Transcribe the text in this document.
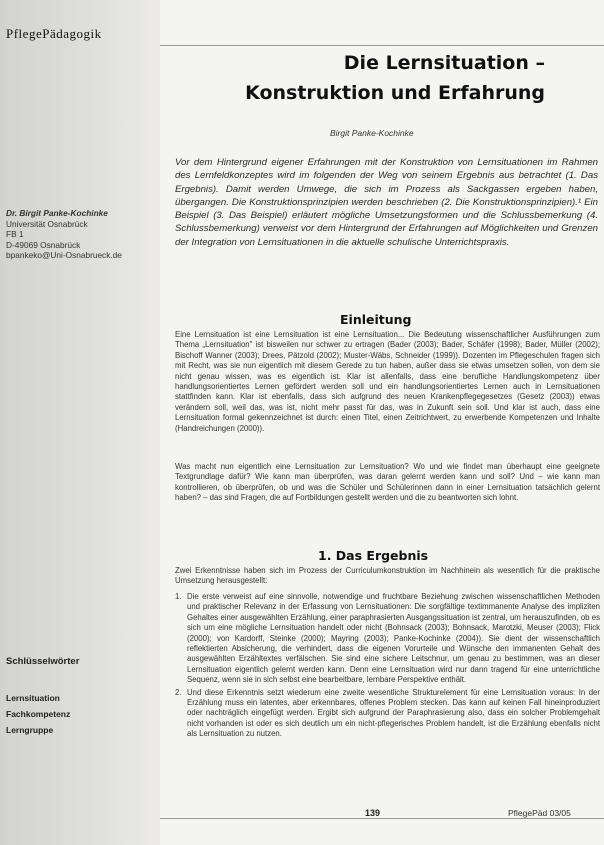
PflegePädagogik
Die Lernsituation –
Konstruktion und Erfahrung
Birgit Panke-Kochinke
Vor dem Hintergrund eigener Erfahrungen mit der Konstruktion von Lernsituationen im Rahmen des Lernfeldkonzeptes wird im folgenden der Weg von seinem Ergebnis aus betrachtet (1. Das Ergebnis). Damit werden Umwege, die sich im Prozess als Sackgassen ergeben haben, übergangen. Die Konstruktionsprinzipien werden beschrieben (2. Die Konstruktionsprinzipien).¹ Ein Beispiel (3. Das Beispiel) erläutert mögliche Umsetzungsformen und die Schlussbemerkung (4. Schlussbemerkung) verweist vor dem Hintergrund der Erfahrungen auf Möglichkeiten und Grenzen der Integration von Lernsituationen in die aktuelle schulische Unterrichtspraxis.
Dr. Birgit Panke-Kochinke
Universität Osnabrück
FB 1
D-49069 Osnabrück
bpankeko@Uni-Osnabrueck.de
Einleitung
Eine Lernsituation ist eine Lernsituation ist eine Lernsituation... Die Bedeutung wissenschaftlicher Ausführungen zum Thema „Lernsituation" ist bisweilen nur schwer zu ertragen (Bader (2003); Bader, Schäfer (1998); Bader, Müller (2002); Bischoff Wanner (2003); Drees, Pätzold (2002); Muster-Wäbs, Schneider (1999)). Dozenten im Pflegeschulen fragen sich mit Recht, was sie nun eigentlich mit diesem Gerede zu tun haben, außer dass sie etwas umsetzen sollen, von dem sie nicht genau wissen, was es eigentlich ist. Klar ist allenfalls, dass eine berufliche Handlungskompetenz über handlungsorientiertes Lernen gefördert werden soll und ein handlungsorientiertes Lernen auch in Lernsituationen stattfinden kann. Klar ist ebenfalls, dass sich aufgrund des neuen Krankenpflegegesetzes (Gesetz (2003)) etwas verändern soll, weil das, was ist, nicht mehr passt für das, was in Zukunft sein soll. Und klar ist auch, dass eine Lernsituation formal gekennzeichnet ist durch: einen Titel, einen Zeitrichtwert, zu erwerbende Kompetenzen und Inhalte (Handreichungen (2000)).
Was macht nun eigentlich eine Lernsituation zur Lernsituation? Wo und wie findet man überhaupt eine geeignete Textgrundlage dafür? Wie kann man überprüfen, was daran gelernt werden kann und soll? Und – wie kann man kontrollieren, ob überprüfen, ob und was die Schüler und Schülerinnen dann in einer Lernsituation tatsächlich gelernt haben? – das sind Fragen, die auf Fortbildungen gestellt werden und die zu beantworten sich lohnt.
1. Das Ergebnis
Zwei Erkenntnisse haben sich im Prozess der Curriculumkonstruktion im Nachhinein als wesentlich für die praktische Umsetzung herausgestellt:
1. Die erste verweist auf eine sinnvolle, notwendige und fruchtbare Beziehung zwischen wissenschaftlichen Methoden und praktischer Relevanz in der Erfassung von Lernsituationen: Die sorgfältige textimmanente Analyse des impliziten Gehaltes einer ausgewählten Erzählung, einer paraphrasierten Ausgangssituation ist zentral, um herauszufinden, ob es sich um eine mögliche Lernsituation handelt oder nicht (Bohnsack (2003); Bohnsack, Marotzki, Meuser (2003); Flick (2000); von Kardorff, Steinke (2000); Mayring (2003); Panke-Kochinke (2004)). Sie dient der wissenschaftlich reflektierten Absicherung, die verhindert, dass die eigenen Vorurteile und Wünsche den immanenten Gehalt des ausgewählten Erzähltextes verfälschen. Sie sind eine sichere Leitschnur, um genau zu bestimmen, was an dieser Lernsituation eigentlich gelernt werden kann. Denn eine Lernsituation wird nur dann tragend für eine unterrichtliche Sequenz, wenn sie in sich selbst eine bearbeitbare, lernbare Perspektive enthält.
2. Und diese Erkenntnis setzt wiederum eine zweite wesentliche Strukturelement für eine Lernsituation voraus: In der Erzählung muss ein latentes, aber erkennbares, offenes Problem stecken. Das kann auf keinen Fall hineinproduziert oder nachträglich eingefügt werden. Ergibt sich aufgrund der Paraphrasierung also, dass ein solcher Problemgehalt nicht vorhanden ist oder es sich deutlich um ein nicht-pflegerisches Problem handelt, ist die Erzählung ebenfalls nicht als Lernsituation zu nutzen.
Schlüsselwörter
Lernsituation
Fachkompetenz
Lerngruppe
139	PflegePäd 03/05
